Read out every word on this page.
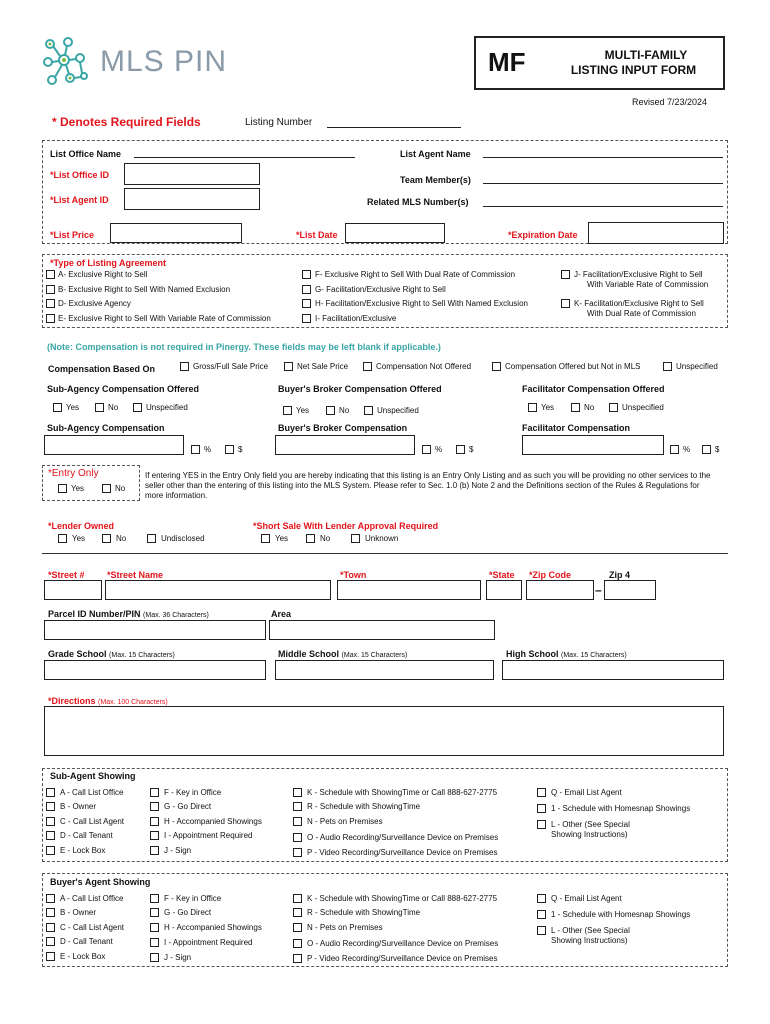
MLS PIN	MF	MULTI-FAMILY
LISTING INPUT FORM
Revised 7/23/2024
* Denotes Required Fields	Listing Number
List Office Name	List Agent Name
*List Office ID	Team Member(s)
*List Agent ID	Related MLS Number(s)
*List Price	*List Date	*Expiration Date
*Type of Listing Agreement
A- Exclusive Right to Sell
B- Exclusive Right to Sell With Named Exclusion
D- Exclusive Agency
E- Exclusive Right to Sell With Variable Rate of Commission
F- Exclusive Right to Sell With Dual Rate of Commission
G- Facilitation/Exclusive Right to Sell
H- Facilitation/Exclusive Right to Sell With Named Exclusion
I- Facilitation/Exclusive
J- Facilitation/Exclusive Right to Sell
With Variable Rate of Commission
K- Facilitation/Exclusive Right to Sell
With Dual Rate of Commission
(Note: Compensation is not required in Pinergy. These fields may be left blank if applicable.)
Compensation Based On	Gross/Full Sale Price	Net Sale Price	Compensation Not Offered	Compensation Offered but Not in MLS	Unspecified
Sub-Agency Compensation Offered	Buyer's Broker Compensation Offered	Facilitator Compensation Offered
Yes	No	Unspecified	Yes	No	Unspecified	Yes	No	Unspecified
Sub-Agency Compensation	Buyer's Broker Compensation	Facilitator Compensation
%	$	%	$	%	$
*Entry Only
Yes	No
If entering YES in the Entry Only field you are hereby indicating that this listing is an Entry Only Listing and as such you will be providing no other services to the seller other than the entering of this listing into the MLS System. Please refer to Sec. 1.0 (b) Note 2 and the Definitions section of the Rules & Regulations for more information.
*Lender Owned
Yes	No	Undisclosed
*Short Sale With Lender Approval Required
Yes	No	Unknown
*Street # *Street Name	*Town	*State *Zip Code
–
Zip 4
Parcel ID Number/PIN (Max. 36 Characters)	Area
Grade School (Max. 15 Characters)	Middle School (Max. 15 Characters)	High School (Max. 15 Characters)
*Directions (Max. 100 Characters)
Sub-Agent Showing
A - Call List Office
B - Owner
C - Call List Agent
D - Call Tenant
E - Lock Box
F - Key in Office
G - Go Direct
H - Accompanied Showings
I - Appointment Required
J - Sign
K - Schedule with ShowingTime or Call 888-627-2775
R - Schedule with ShowingTime
N - Pets on Premises
O - Audio Recording/Surveillance Device on Premises
P - Video Recording/Surveillance Device on Premises
Q - Email List Agent
1 - Schedule with Homesnap Showings
L - Other (See Special
Showing Instructions)
Buyer's Agent Showing
A - Call List Office
B - Owner
C - Call List Agent
D - Call Tenant
E - Lock Box
F - Key in Office
G - Go Direct
H - Accompanied Showings
I - Appointment Required
J - Sign
K - Schedule with ShowingTime or Call 888-627-2775
R - Schedule with ShowingTime
N - Pets on Premises
O - Audio Recording/Surveillance Device on Premises
P - Video Recording/Surveillance Device on Premises
Q - Email List Agent
1 - Schedule with Homesnap Showings
L - Other (See Special
Showing Instructions)
